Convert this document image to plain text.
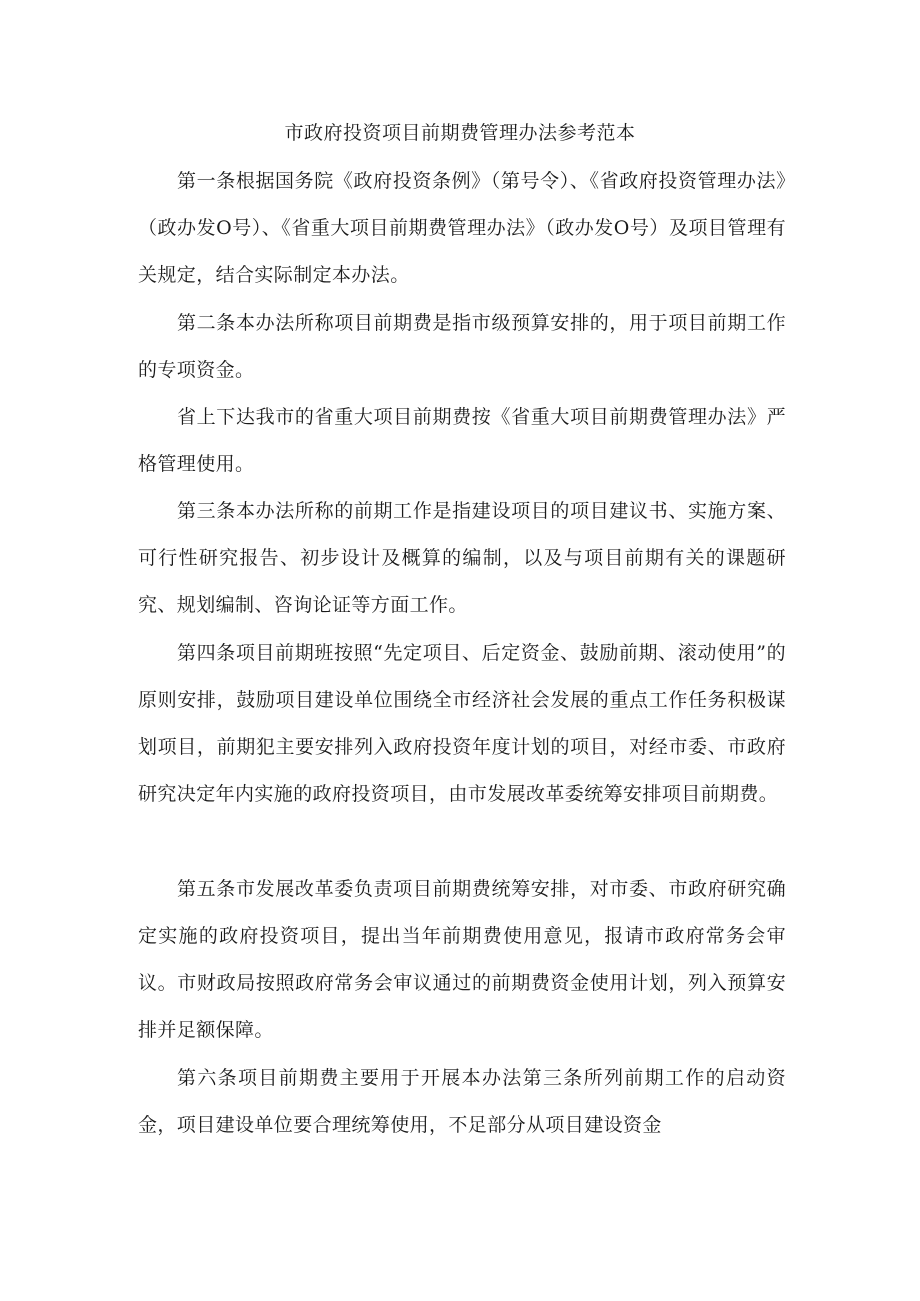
市政府投资项目前期费管理办法参考范本

第一条根据国务院《政府投资条例》（第号令）、《省政府投资管理办法》（政办发O号）、《省重大项目前期费管理办法》（政办发O号）及项目管理有关规定，结合实际制定本办法。

第二条本办法所称项目前期费是指市级预算安排的，用于项目前期工作的专项资金。

省上下达我市的省重大项目前期费按《省重大项目前期费管理办法》严格管理使用。

第三条本办法所称的前期工作是指建设项目的项目建议书、实施方案、可行性研究报告、初步设计及概算的编制，以及与项目前期有关的课题研究、规划编制、咨询论证等方面工作。

第四条项目前期班按照“先定项目、后定资金、鼓励前期、滚动使用”的原则安排，鼓励项目建设单位围绕全市经济社会发展的重点工作任务积极谋划项目，前期犯主要安排列入政府投资年度计划的项目，对经市委、市政府研究决定年内实施的政府投资项目，由市发展改革委统筹安排项目前期费。

第五条市发展改革委负责项目前期费统筹安排，对市委、市政府研究确定实施的政府投资项目，提出当年前期费使用意见，报请市政府常务会审议。市财政局按照政府常务会审议通过的前期费资金使用计划，列入预算安排并足额保障。

第六条项目前期费主要用于开展本办法第三条所列前期工作的启动资金，项目建设单位要合理统筹使用，不足部分从项目建设资金
